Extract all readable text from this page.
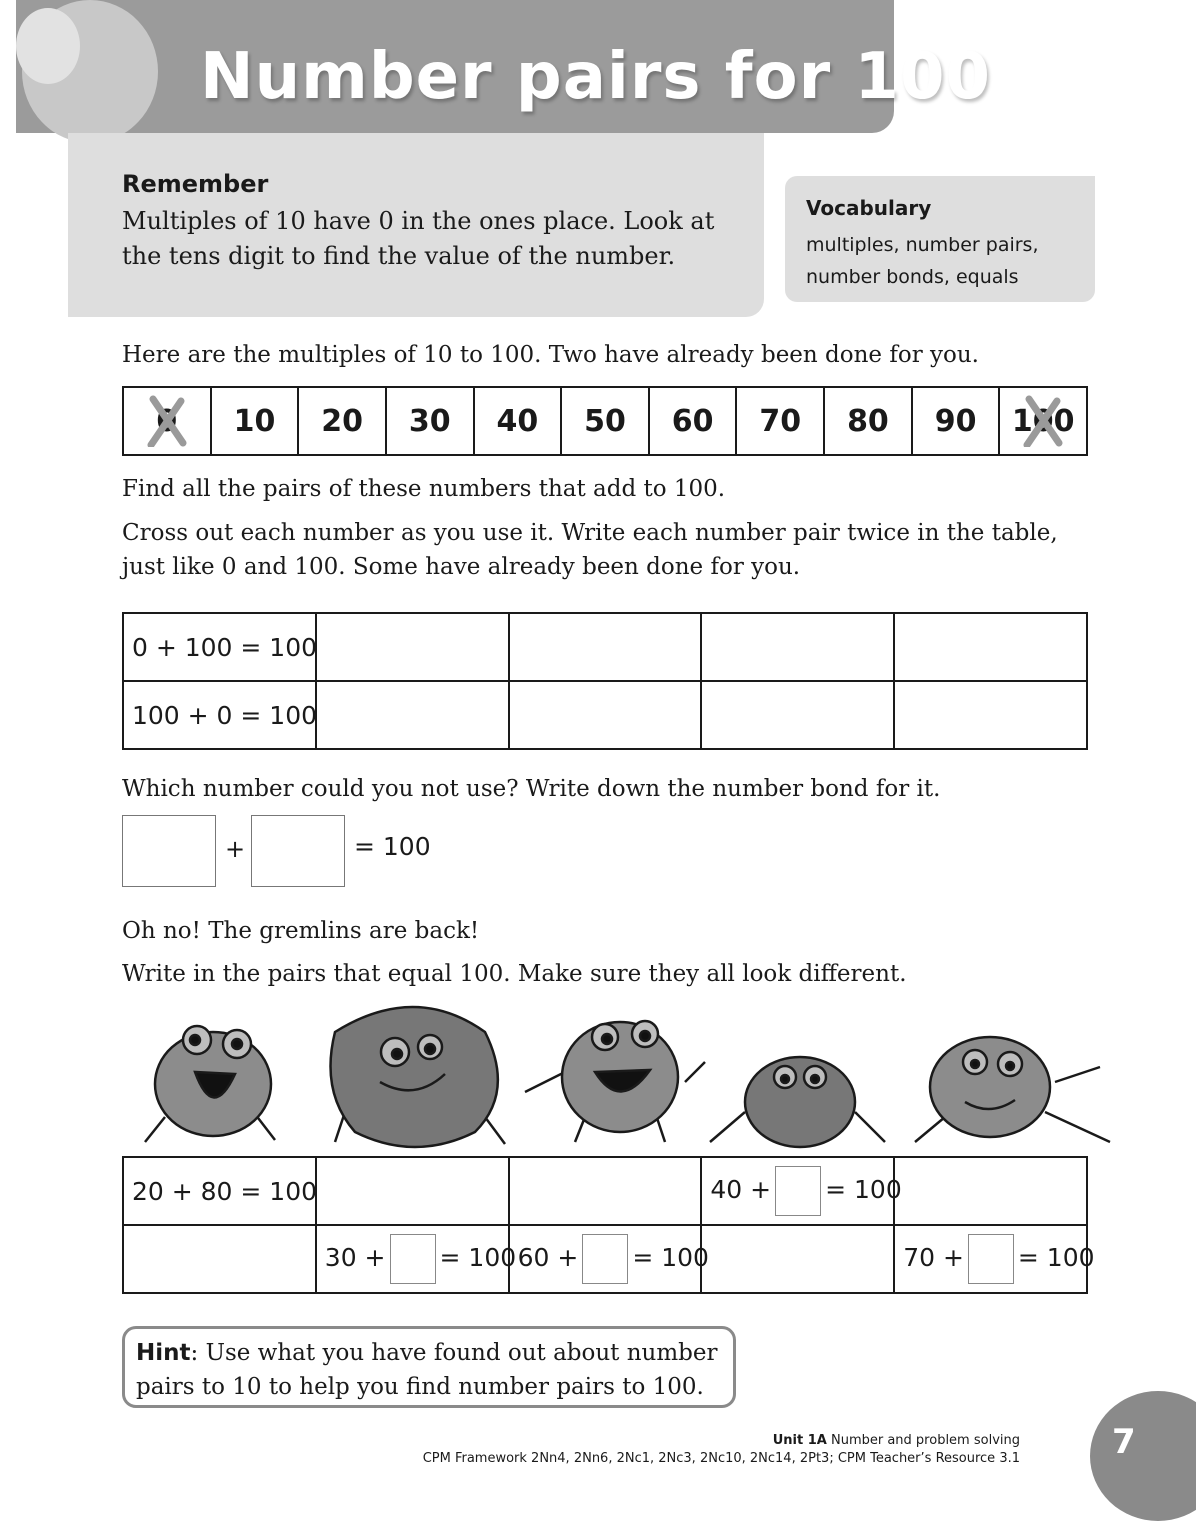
Number pairs for 100
Remember
Multiples of 10 have 0 in the ones place. Look at the tens digit to find the value of the number.
Vocabulary
multiples, number pairs, number bonds, equals
Here are the multiples of 10 to 100. Two have already been done for you.
0 10 20 30 40 50 60 70 80 90 100
Find all the pairs of these numbers that add to 100.
Cross out each number as you use it. Write each number pair twice in the table, just like 0 and 100. Some have already been done for you.
0 + 100 = 100				
100 + 0 = 100				
Which number could you not use? Write down the number bond for it.
+	= 100
Oh no! The gremlins are back!
Write in the pairs that equal 100. Make sure they all look different.
20 + 80 = 100			40 + = 100	
	30 + = 100	60 + = 100		70 + = 100
Hint: Use what you have found out about number pairs to 10 to help you find number pairs to 100.
Unit 1A Number and problem solving
CPM Framework 2Nn4, 2Nn6, 2Nc1, 2Nc3, 2Nc10, 2Nc14, 2Pt3; CPM Teacher’s Resource 3.1	7
